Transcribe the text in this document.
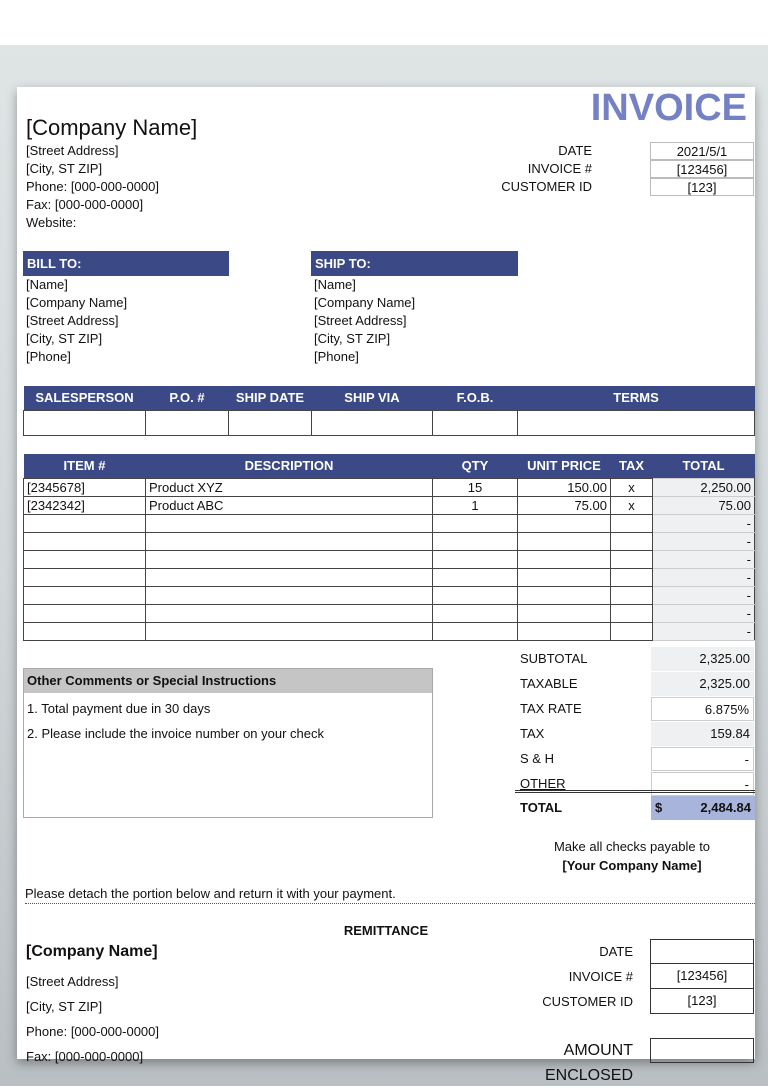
INVOICE
[Company Name]
[Street Address]
[City, ST ZIP]
Phone: [000-000-0000]
Fax: [000-000-0000]
Website:
DATE	2021/5/1
INVOICE #	[123456]
CUSTOMER ID	[123]
BILL TO:
[Name]
[Company Name]
[Street Address]
[City, ST ZIP]
[Phone]
SHIP TO:
[Name]
[Company Name]
[Street Address]
[City, ST ZIP]
[Phone]
SALESPERSON	P.O. #	SHIP DATE	SHIP VIA	F.O.B.	TERMS

ITEM #	DESCRIPTION	QTY	UNIT PRICE	TAX	TOTAL
[2345678]	Product XYZ	15	150.00	x	2,250.00
[2342342]	Product ABC	1	75.00	x	75.00
					-
					-
					-
					-
					-
					-
					-
Other Comments or Special Instructions
1. Total payment due in 30 days
2. Please include the invoice number on your check
SUBTOTAL	2,325.00
TAXABLE	2,325.00
TAX RATE	6.875%
TAX	159.84
S & H	-
OTHER	-
TOTAL	$	2,484.84
Make all checks payable to
[Your Company Name]
Please detach the portion below and return it with your payment.
REMITTANCE
[Company Name]
[Street Address]
[City, ST ZIP]
Phone: [000-000-0000]
Fax: [000-000-0000]
DATE
INVOICE #	[123456]
CUSTOMER ID	[123]
AMOUNT ENCLOSED
